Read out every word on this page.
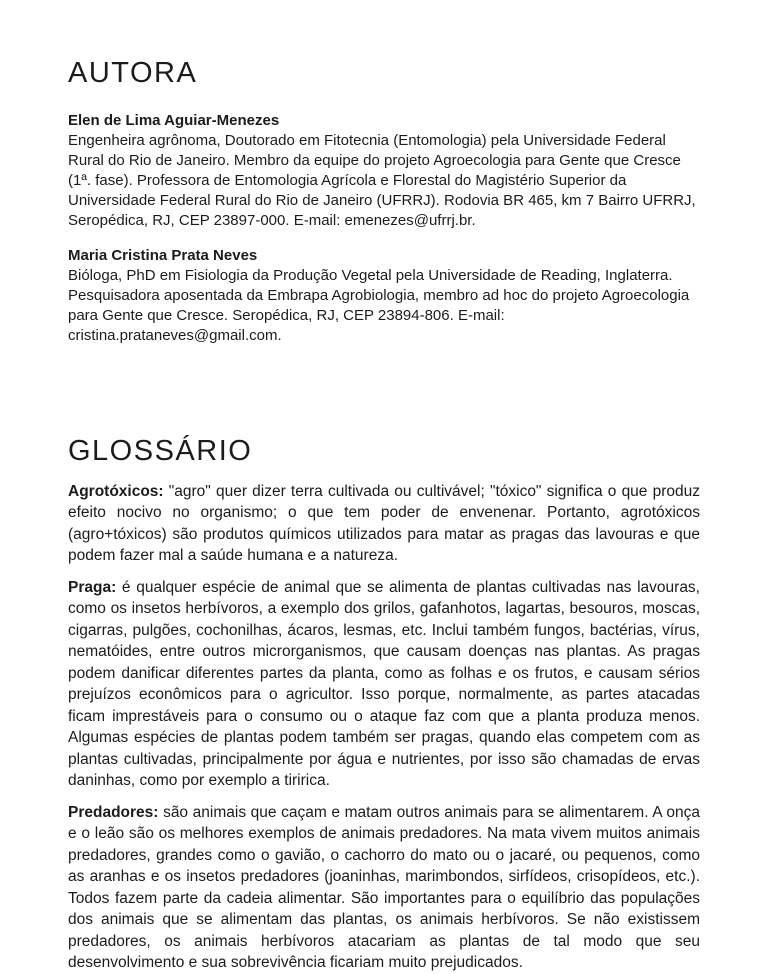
AUTORA

Elen de Lima Aguiar-Menezes

Engenheira agrônoma, Doutorado em Fitotecnia (Entomologia) pela Universidade Federal Rural do Rio de Janeiro. Membro da equipe do projeto Agroecologia para Gente que Cresce (1ª. fase). Professora de Entomologia Agrícola e Florestal do Magistério Superior da Universidade Federal Rural do Rio de Janeiro (UFRRJ). Rodovia BR 465, km 7 Bairro UFRRJ, Seropédica, RJ, CEP 23897-000. E-mail: emenezes@ufrrj.br.

Maria Cristina Prata Neves

Bióloga, PhD em Fisiologia da Produção Vegetal pela Universidade de Reading, Inglaterra. Pesquisadora aposentada da Embrapa Agrobiologia, membro ad hoc do projeto Agroecologia para Gente que Cresce. Seropédica, RJ, CEP 23894-806. E-mail: cristina.prataneves@gmail.com.

GLOSSÁRIO

Agrotóxicos: "agro" quer dizer terra cultivada ou cultivável; "tóxico" significa o que produz efeito nocivo no organismo; o que tem poder de envenenar. Portanto, agrotóxicos (agro+tóxicos) são produtos químicos utilizados para matar as pragas das lavouras e que podem fazer mal a saúde humana e a natureza.

Praga: é qualquer espécie de animal que se alimenta de plantas cultivadas nas lavouras, como os insetos herbívoros, a exemplo dos grilos, gafanhotos, lagartas, besouros, moscas, cigarras, pulgões, cochonilhas, ácaros, lesmas, etc. Inclui também fungos, bactérias, vírus, nematóides, entre outros microrganismos, que causam doenças nas plantas. As pragas podem danificar diferentes partes da planta, como as folhas e os frutos, e causam sérios prejuízos econômicos para o agricultor. Isso porque, normalmente, as partes atacadas ficam imprestáveis para o consumo ou o ataque faz com que a planta produza menos. Algumas espécies de plantas podem também ser pragas, quando elas competem com as plantas cultivadas, principalmente por água e nutrientes, por isso são chamadas de ervas daninhas, como por exemplo a tiririca.

Predadores: são animais que caçam e matam outros animais para se alimentarem. A onça e o leão são os melhores exemplos de animais predadores. Na mata vivem muitos animais predadores, grandes como o gavião, o cachorro do mato ou o jacaré, ou pequenos, como as aranhas e os insetos predadores (joaninhas, marimbondos, sirfídeos, crisopídeos, etc.). Todos fazem parte da cadeia alimentar. São importantes para o equilíbrio das populações dos animais que se alimentam das plantas, os animais herbívoros. Se não existissem predadores, os animais herbívoros atacariam as plantas de tal modo que seu desenvolvimento e sua sobrevivência ficariam muito prejudicados.
